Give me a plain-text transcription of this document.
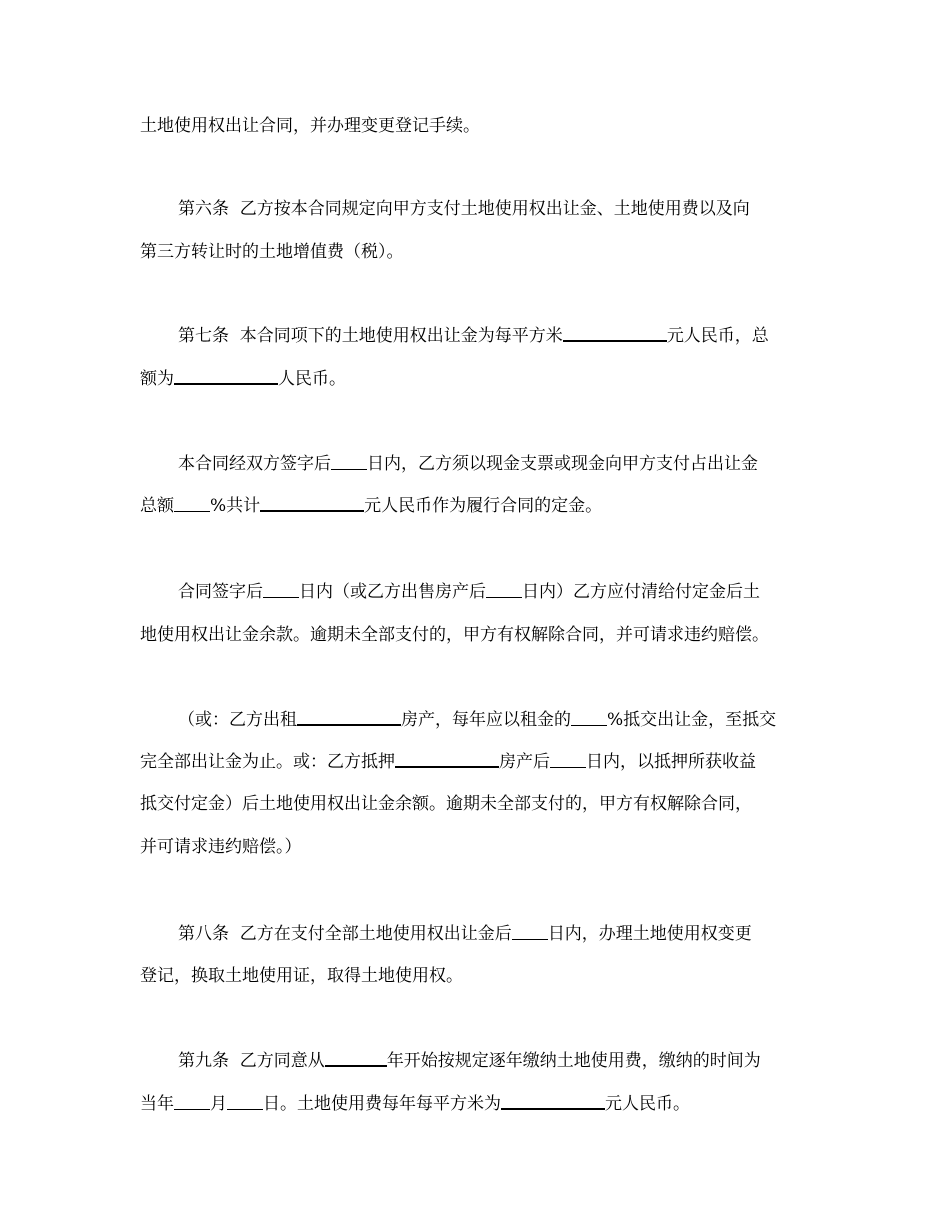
土地使用权出让合同，并办理变更登记手续。
第六条  乙方按本合同规定向甲方支付土地使用权出让金、土地使用费以及向
第三方转让时的土地增值费（税）。
第七条  本合同项下的土地使用权出让金为每平方米	元人民币，总
额为	人民币。
本合同经双方签字后 日内，乙方须以现金支票或现金向甲方支付占出让金
总额 %共计	元人民币作为履行合同的定金。
合同签字后 日内（或乙方出售房产后 日内）乙方应付清给付定金后土
地使用权出让金余款。逾期未全部支付的，甲方有权解除合同，并可请求违约赔偿。
（或：乙方出租	房产，每年应以租金的 %抵交出让金，至抵交
完全部出让金为止。或：乙方抵押	房产后 日内，以抵押所获收益
抵交付定金）后土地使用权出让金余额。逾期未全部支付的，甲方有权解除合同，
并可请求违约赔偿。）
第八条  乙方在支付全部土地使用权出让金后 日内，办理土地使用权变更
登记，换取土地使用证，取得土地使用权。
第九条  乙方同意从	年开始按规定逐年缴纳土地使用费，缴纳的时间为
当年 月 日。土地使用费每年每平方米为	元人民币。
